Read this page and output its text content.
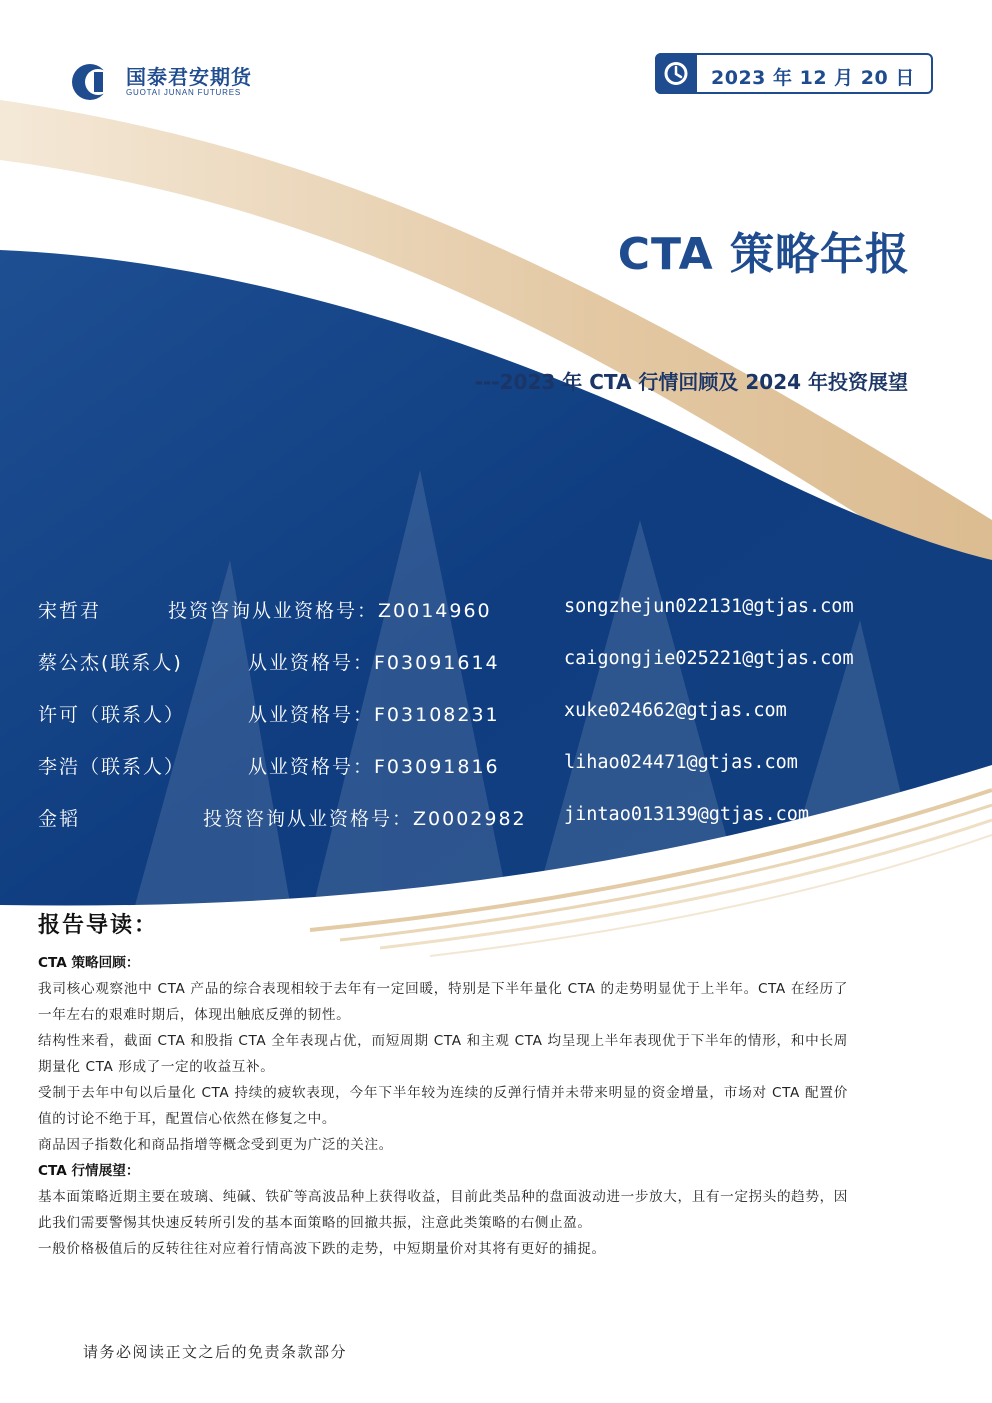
国泰君安期货
GUOTAI JUNAN FUTURES
2023 年 12 月 20 日
CTA 策略年报
---2023 年 CTA 行情回顾及 2024 年投资展望
宋哲君	投资咨询从业资格号：Z0014960	songzhejun022131@gtjas.com
蔡公杰(联系人)	从业资格号：F03091614	caigongjie025221@gtjas.com
许可（联系人）	从业资格号：F03108231	xuke024662@gtjas.com
李浩（联系人）	从业资格号：F03091816	lihao024471@gtjas.com
金韬	投资咨询从业资格号：Z0002982 jintao013139@gtjas.com
报告导读：
CTA 策略回顾：
我司核心观察池中 CTA 产品的综合表现相较于去年有一定回暖，特别是下半年量化 CTA 的走势明显优于上半年。CTA 在经历了一年左右的艰难时期后，体现出触底反弹的韧性。
结构性来看，截面 CTA 和股指 CTA 全年表现占优，而短周期 CTA 和主观 CTA 均呈现上半年表现优于下半年的情形，和中长周期量化 CTA 形成了一定的收益互补。
受制于去年中旬以后量化 CTA 持续的疲软表现，今年下半年较为连续的反弹行情并未带来明显的资金增量，市场对 CTA 配置价值的讨论不绝于耳，配置信心依然在修复之中。
商品因子指数化和商品指增等概念受到更为广泛的关注。
CTA 行情展望：
基本面策略近期主要在玻璃、纯碱、铁矿等高波品种上获得收益，目前此类品种的盘面波动进一步放大，且有一定拐头的趋势，因此我们需要警惕其快速反转所引发的基本面策略的回撤共振，注意此类策略的右侧止盈。
一般价格极值后的反转往往对应着行情高波下跌的走势，中短期量价对其将有更好的捕捉。
请务必阅读正文之后的免责条款部分
